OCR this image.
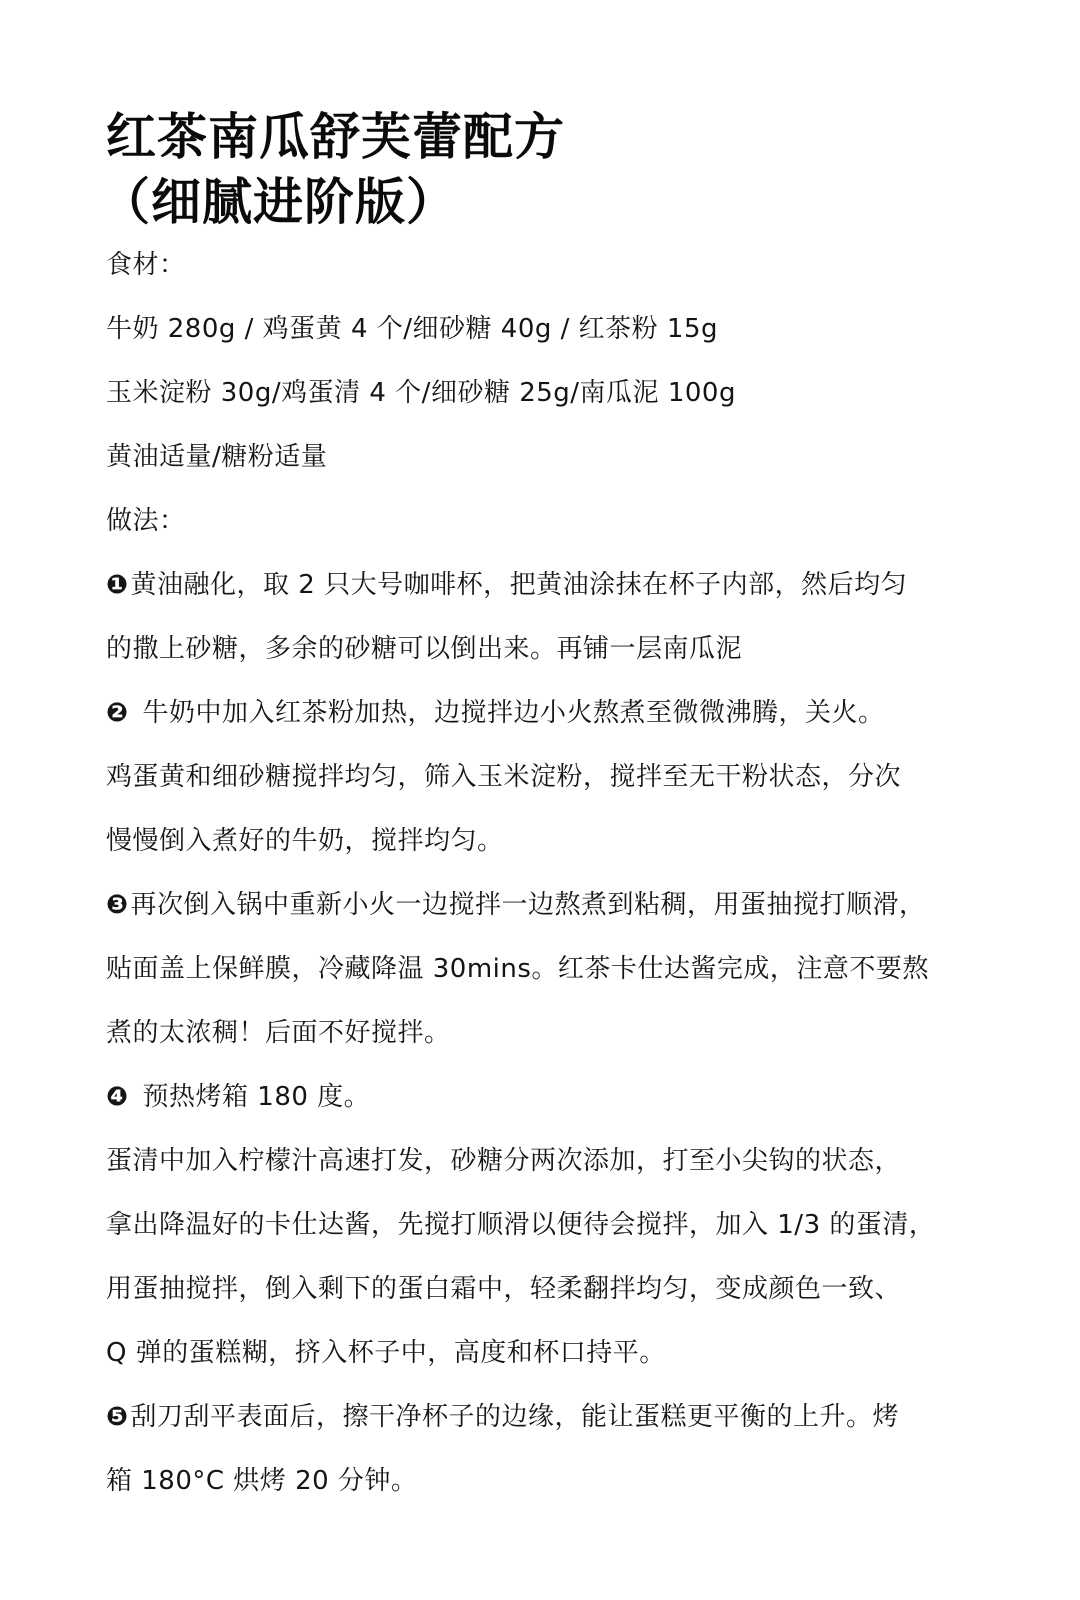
红茶南瓜舒芙蕾配方
（细腻进阶版）
食材：
牛奶 280g / 鸡蛋黄 4 个/细砂糖 40g / 红茶粉 15g
玉米淀粉 30g/鸡蛋清 4 个/细砂糖 25g/南瓜泥 100g
黄油适量/糖粉适量
做法：
❶黄油融化，取 2 只大号咖啡杯，把黄油涂抹在杯子内部，然后均匀
的撒上砂糖，多余的砂糖可以倒出来。再铺一层南瓜泥
❷ 牛奶中加入红茶粉加热，边搅拌边小火熬煮至微微沸腾，关火。
鸡蛋黄和细砂糖搅拌均匀，筛入玉米淀粉，搅拌至无干粉状态，分次
慢慢倒入煮好的牛奶，搅拌均匀。
❸再次倒入锅中重新小火一边搅拌一边熬煮到粘稠，用蛋抽搅打顺滑，
贴面盖上保鲜膜，冷藏降温 30mins。红茶卡仕达酱完成，注意不要熬
煮的太浓稠！后面不好搅拌。
❹ 预热烤箱 180 度。
蛋清中加入柠檬汁高速打发，砂糖分两次添加，打至小尖钩的状态，
拿出降温好的卡仕达酱，先搅打顺滑以便待会搅拌，加入 1/3 的蛋清，
用蛋抽搅拌，倒入剩下的蛋白霜中，轻柔翻拌均匀，变成颜色一致、
Q 弹的蛋糕糊，挤入杯子中，高度和杯口持平。
❺刮刀刮平表面后，擦干净杯子的边缘，能让蛋糕更平衡的上升。烤
箱 180°C 烘烤 20 分钟。
